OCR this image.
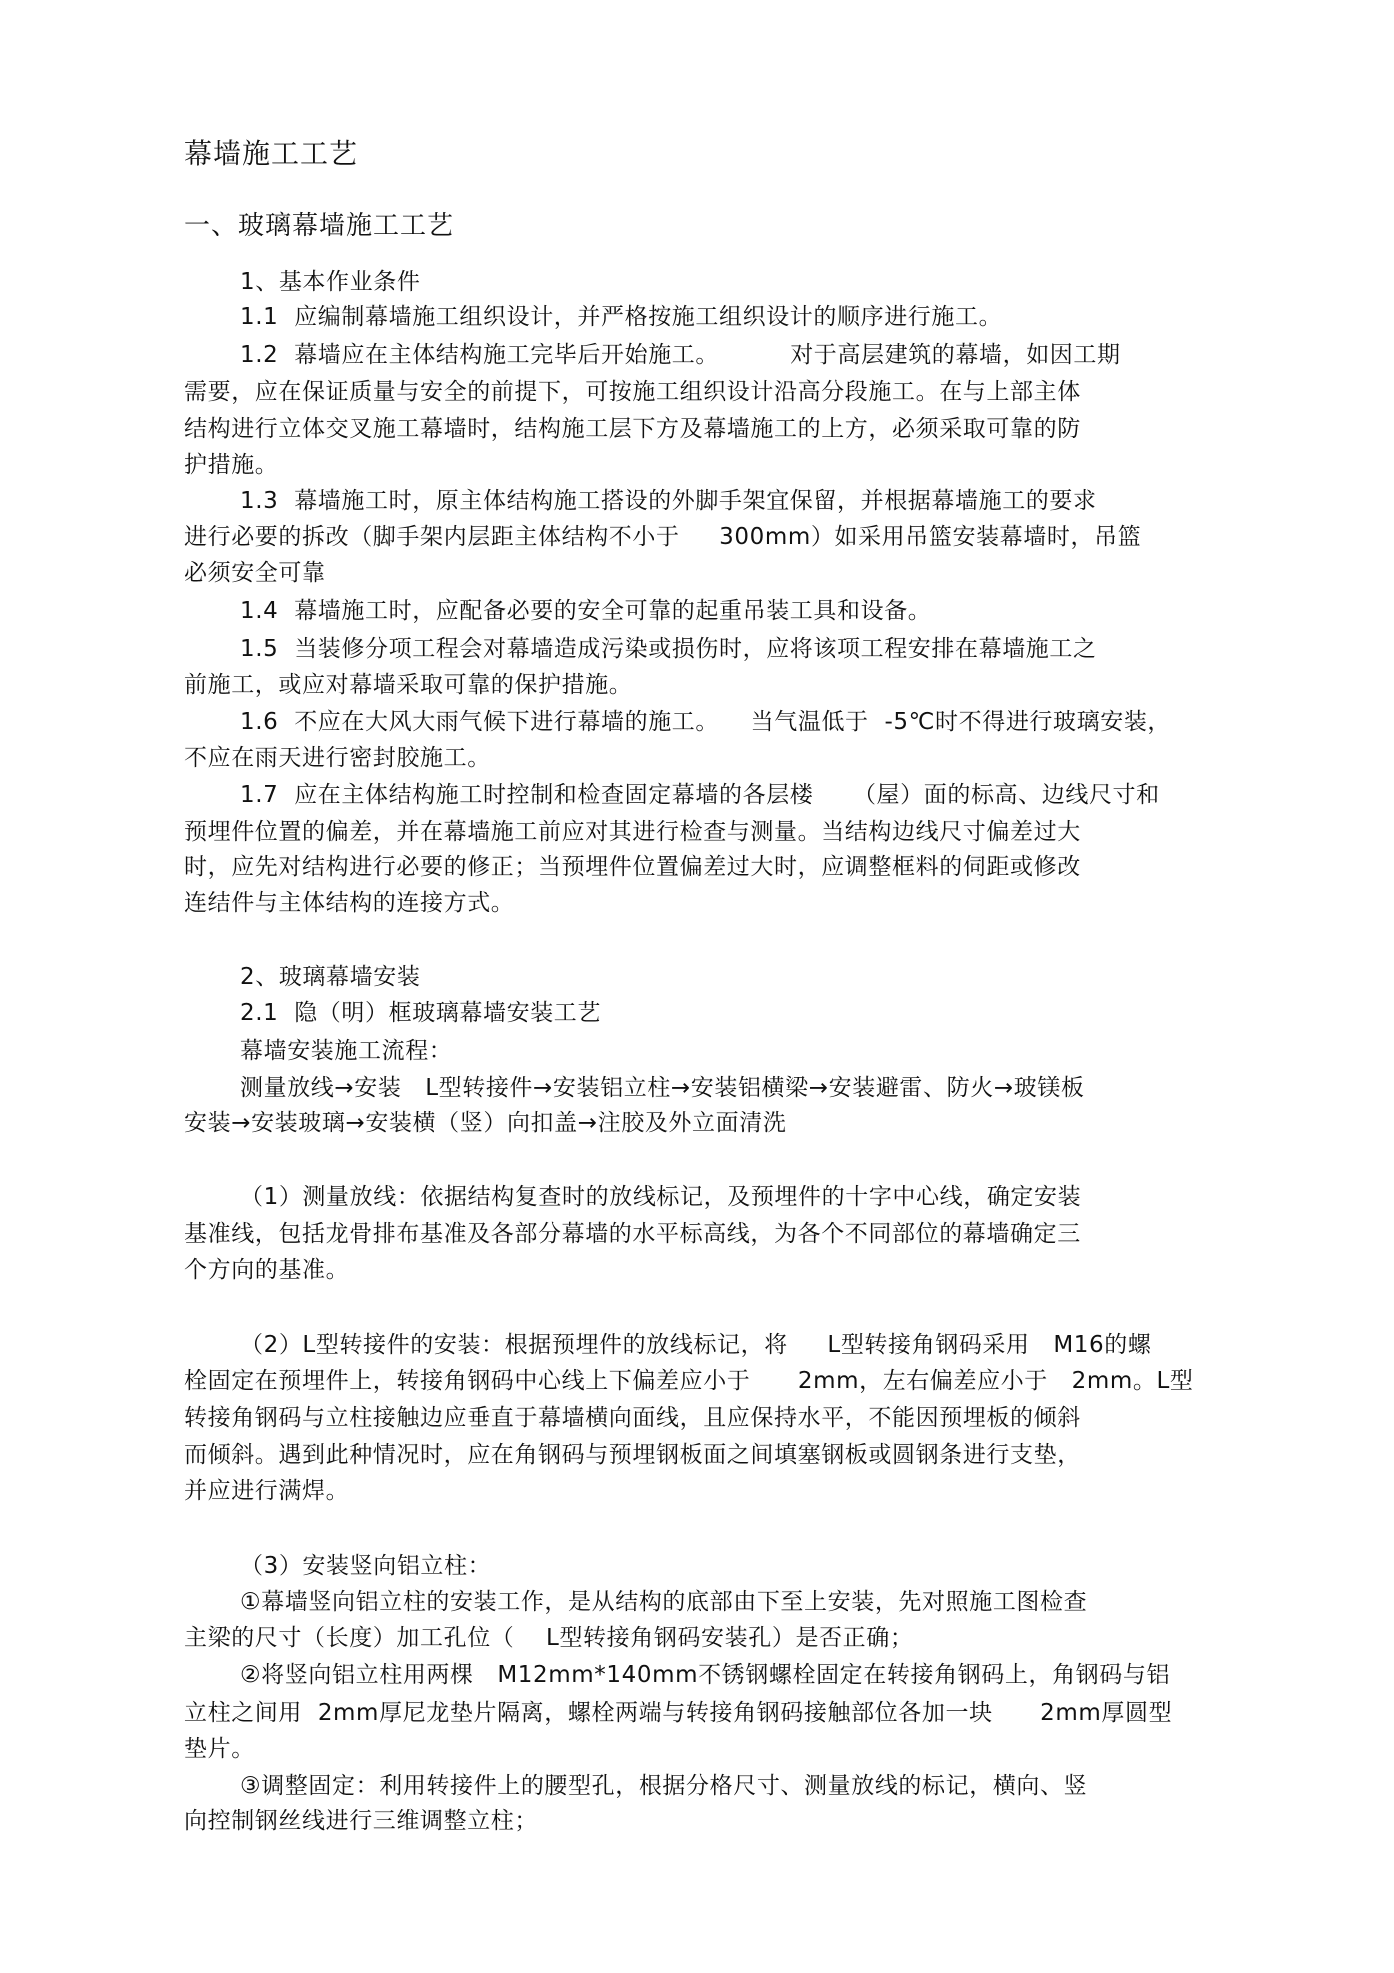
幕墙施工工艺
一、玻璃幕墙施工工艺
1、基本作业条件
1.1  应编制幕墙施工组织设计，并严格按施工组织设计的顺序进行施工。
1.2  幕墙应在主体结构施工完毕后开始施工。         对于高层建筑的幕墙，如因工期
需要，应在保证质量与安全的前提下，可按施工组织设计沿高分段施工。在与上部主体
结构进行立体交叉施工幕墙时，结构施工层下方及幕墙施工的上方，必须采取可靠的防
护措施。
1.3  幕墙施工时，原主体结构施工搭设的外脚手架宜保留，并根据幕墙施工的要求
进行必要的拆改（脚手架内层距主体结构不小于     300mm）如采用吊篮安装幕墙时，吊篮
必须安全可靠
1.4  幕墙施工时，应配备必要的安全可靠的起重吊装工具和设备。
1.5  当装修分项工程会对幕墙造成污染或损伤时，应将该项工程安排在幕墙施工之
前施工，或应对幕墙采取可靠的保护措施。
1.6  不应在大风大雨气候下进行幕墙的施工。    当气温低于  -5℃时不得进行玻璃安装，
不应在雨天进行密封胶施工。
1.7  应在主体结构施工时控制和检查固定幕墙的各层楼     （屋）面的标高、边线尺寸和
预埋件位置的偏差，并在幕墙施工前应对其进行检查与测量。当结构边线尺寸偏差过大
时，应先对结构进行必要的修正；当预埋件位置偏差过大时，应调整框料的伺距或修改
连结件与主体结构的连接方式。
2、玻璃幕墙安装
2.1  隐（明）框玻璃幕墙安装工艺
幕墙安装施工流程：
测量放线→安装   L型转接件→安装铝立柱→安装铝横梁→安装避雷、防火→玻镁板
安装→安装玻璃→安装横（竖）向扣盖→注胶及外立面清洗
（1）测量放线：依据结构复查时的放线标记，及预埋件的十字中心线，确定安装
基准线，包括龙骨排布基准及各部分幕墙的水平标高线，为各个不同部位的幕墙确定三
个方向的基准。
（2）L型转接件的安装：根据预埋件的放线标记，将     L型转接角钢码采用   M16的螺
栓固定在预埋件上，转接角钢码中心线上下偏差应小于      2mm，左右偏差应小于   2mm。L型
转接角钢码与立柱接触边应垂直于幕墙横向面线，且应保持水平，不能因预埋板的倾斜
而倾斜。遇到此种情况时，应在角钢码与预埋钢板面之间填塞钢板或圆钢条进行支垫，
并应进行满焊。
（3）安装竖向铝立柱：
①幕墙竖向铝立柱的安装工作，是从结构的底部由下至上安装，先对照施工图检查
主梁的尺寸（长度）加工孔位（    L型转接角钢码安装孔）是否正确；
②将竖向铝立柱用两棵   M12mm*140mm不锈钢螺栓固定在转接角钢码上，角钢码与铝
立柱之间用  2mm厚尼龙垫片隔离，螺栓两端与转接角钢码接触部位各加一块      2mm厚圆型
垫片。
③调整固定：利用转接件上的腰型孔，根据分格尺寸、测量放线的标记，横向、竖
向控制钢丝线进行三维调整立柱；
